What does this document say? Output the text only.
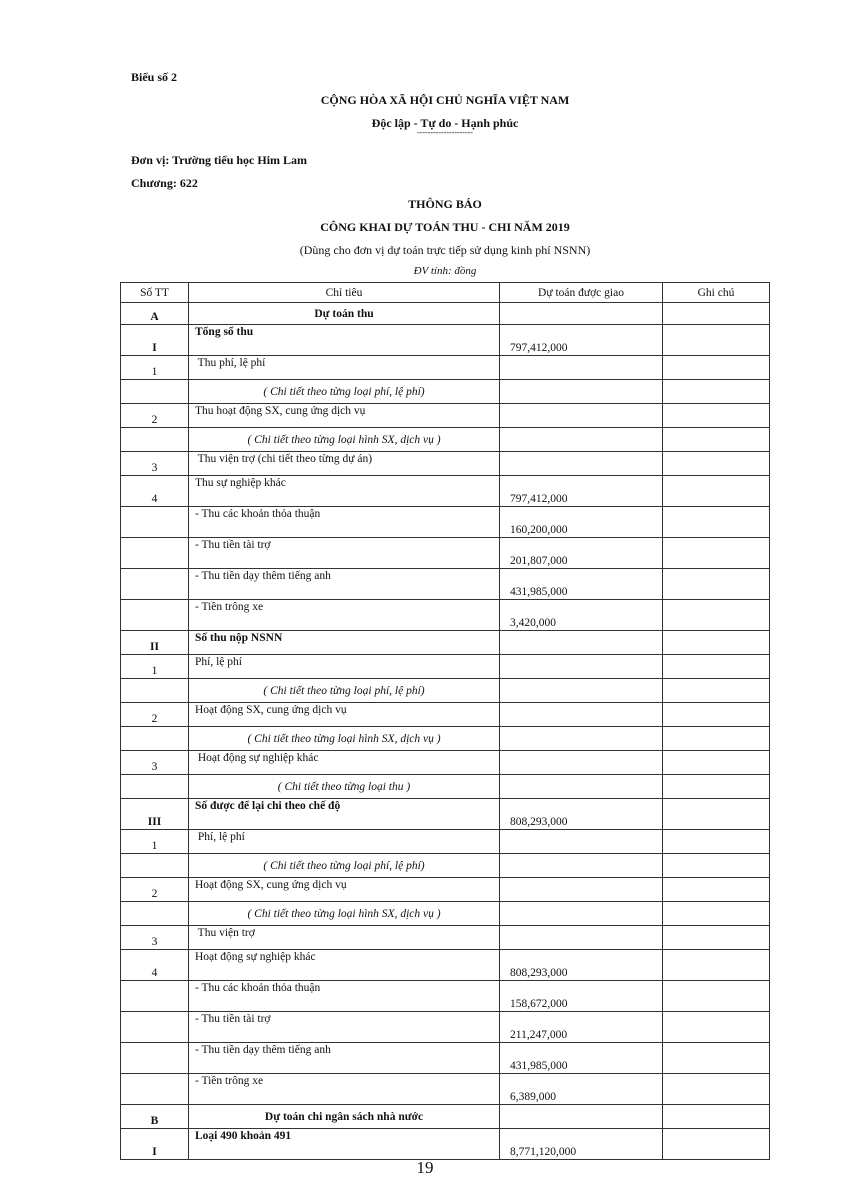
Biểu số 2
CỘNG HÒA XÃ HỘI CHỦ NGHĨA VIỆT NAM
Độc lập - Tự do - Hạnh phúc
---------------------
Đơn vị: Trường tiểu học Him Lam
Chương: 622
THÔNG BÁO
CÔNG KHAI DỰ TOÁN THU - CHI NĂM 2019
(Dùng cho đơn vị dự toán trực tiếp sử dụng kinh phí NSNN)
ĐV tính: đồng
Số TT	Chỉ tiêu	Dự toán được giao	Ghi chú
A	Dự toán thu		
I	Tổng số thu	797,412,000	
1	Thu phí, lệ phí		
	( Chi tiết theo từng loại phí, lệ phí)		
2	Thu hoạt động SX, cung ứng dịch vụ		
	( Chi tiết theo từng loại hình SX, dịch vụ )		
3	Thu viện trợ (chi tiết theo từng dự án)		
4	Thu sự nghiệp khác	797,412,000	
	- Thu các khoản thỏa thuận	160,200,000	
	- Thu tiền tài trợ	201,807,000	
	- Thu tiền dạy thêm tiếng anh	431,985,000	
	- Tiền trông xe	3,420,000	
II	Số thu nộp NSNN		
1	Phí, lệ phí		
	( Chi tiết theo từng loại phí, lệ phí)		
2	Hoạt động SX, cung ứng dịch vụ		
	( Chi tiết theo từng loại hình SX, dịch vụ )		
3	Hoạt động sự nghiệp khác		
	( Chi tiết theo từng loại thu )		
III	Số được để lại chi theo chế độ	808,293,000	
1	Phí, lệ phí		
	( Chi tiết theo từng loại phí, lệ phí)		
2	Hoạt động SX, cung ứng dịch vụ		
	( Chi tiết theo từng loại hình SX, dịch vụ )		
3	Thu viện trợ		
4	Hoạt động sự nghiệp khác	808,293,000	
	- Thu các khoản thỏa thuận	158,672,000	
	- Thu tiền tài trợ	211,247,000	
	- Thu tiền dạy thêm tiếng anh	431,985,000	
	- Tiền trông xe	6,389,000	
B	Dự toán chi ngân sách nhà nước		
I	Loại 490 khoản 491	8,771,120,000	
19
